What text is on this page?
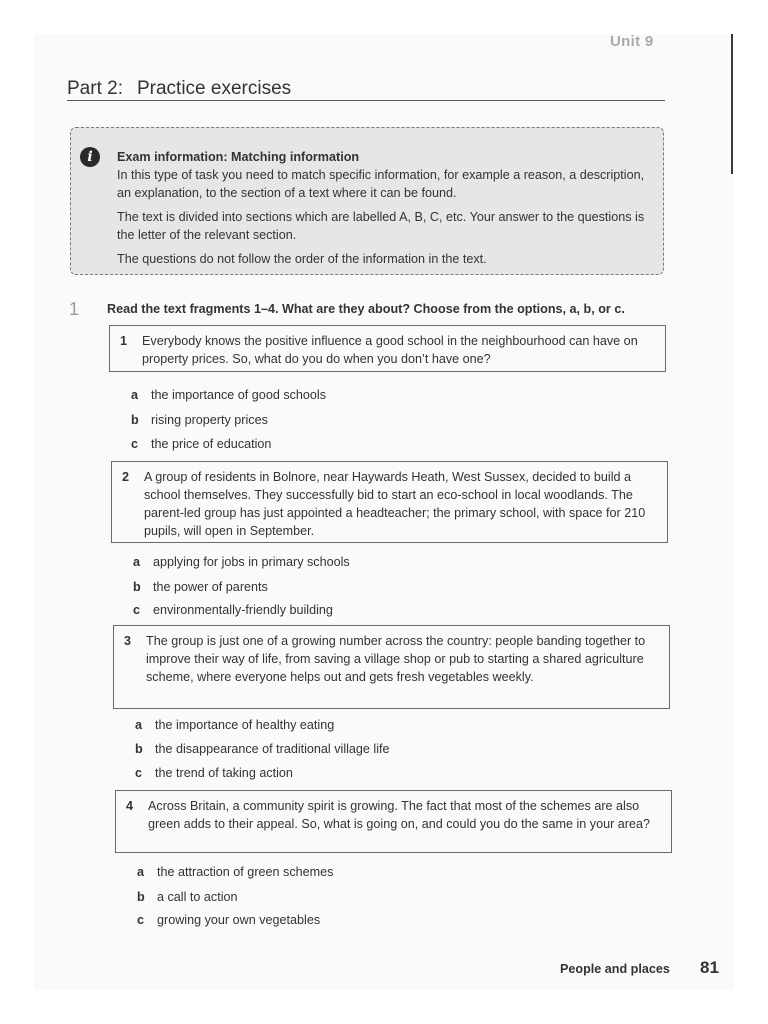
Unit 9
Part 2: Practice exercises
i	Exam information: Matching information

In this type of task you need to match specific information, for example a reason, a description, an explanation, to the section of a text where it can be found.

The text is divided into sections which are labelled A, B, C, etc. Your answer to the questions is the letter of the relevant section.

The questions do not follow the order of the information in the text.

1 Read the text fragments 1–4. What are they about? Choose from the options, a, b, or c.
1 Everybody knows the positive influence a good school in the neighbourhood can have on property prices. So, what do you do when you don’t have one?
a the importance of good schools
b rising property prices
c the price of education
2 A group of residents in Bolnore, near Haywards Heath, West Sussex, decided to build a school themselves. They successfully bid to start an eco-school in local woodlands. The parent-led group has just appointed a headteacher; the primary school, with space for 210 pupils, will open in September.
a applying for jobs in primary schools
b the power of parents
c environmentally-friendly building
3 The group is just one of a growing number across the country: people banding together to improve their way of life, from saving a village shop or pub to starting a shared agriculture scheme, where everyone helps out and gets fresh vegetables weekly.
a the importance of healthy eating
b the disappearance of traditional village life
c the trend of taking action
4 Across Britain, a community spirit is growing. The fact that most of the schemes are also green adds to their appeal. So, what is going on, and could you do the same in your area?
a the attraction of green schemes
b a call to action
c growing your own vegetables
People and places 81
